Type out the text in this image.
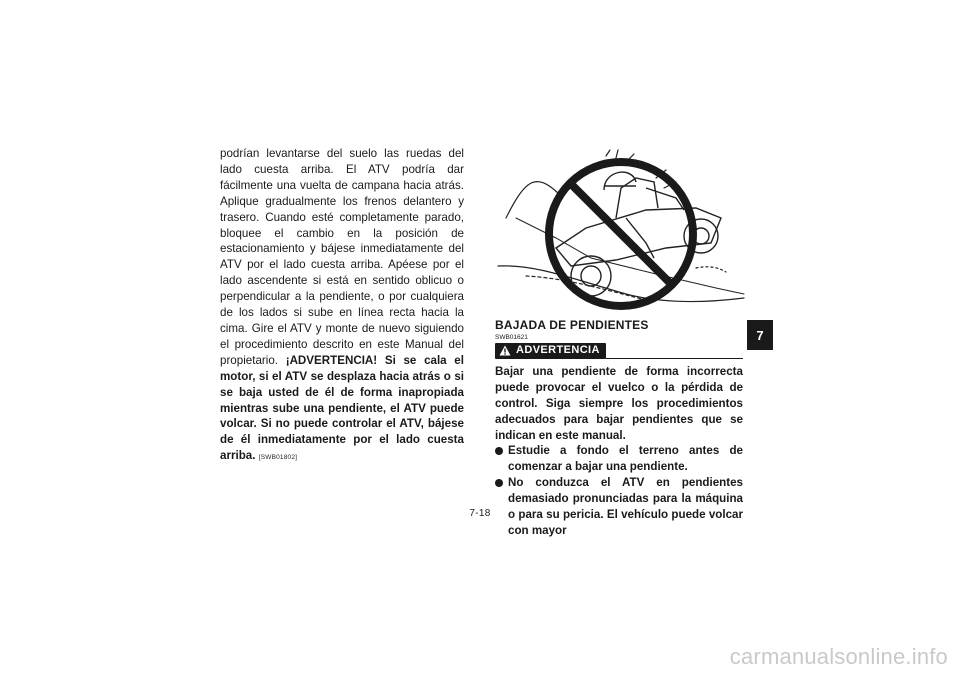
podrían levantarse del suelo las ruedas del lado cuesta arriba. El ATV podría dar fácilmente una vuelta de campana hacia atrás. Aplique gradualmente los frenos delantero y trasero. Cuando esté completamente parado, bloquee el cambio en la posición de estacionamiento y bájese inmediatamente del ATV por el lado cuesta arriba. Apéese por el lado ascendente si está en sentido oblicuo o perpendicular a la pendiente, o por cualquiera de los lados si sube en línea recta hacia la cima. Gire el ATV y monte de nuevo siguiendo el procedimiento descrito en este Manual del propietario. ¡ADVERTENCIA! Si se cala el motor, si el ATV se desplaza hacia atrás o si se baja usted de él de forma inapropiada mientras sube una pendiente, el ATV puede volcar. Si no puede controlar el ATV, bájese de él inmediatamente por el lado cuesta arriba. [SWB01802]

BAJADA DE PENDIENTES

SWB01621

ADVERTENCIA

Bajar una pendiente de forma incorrecta puede provocar el vuelco o la pérdida de control. Siga siempre los procedimientos adecuados para bajar pendientes que se indican en este manual.

Estudie a fondo el terreno antes de comenzar a bajar una pendiente.
No conduzca el ATV en pendientes demasiado pronunciadas para la máquina o para su pericia. El vehículo puede volcar con mayor
7
7-18
carmanualsonline.info
